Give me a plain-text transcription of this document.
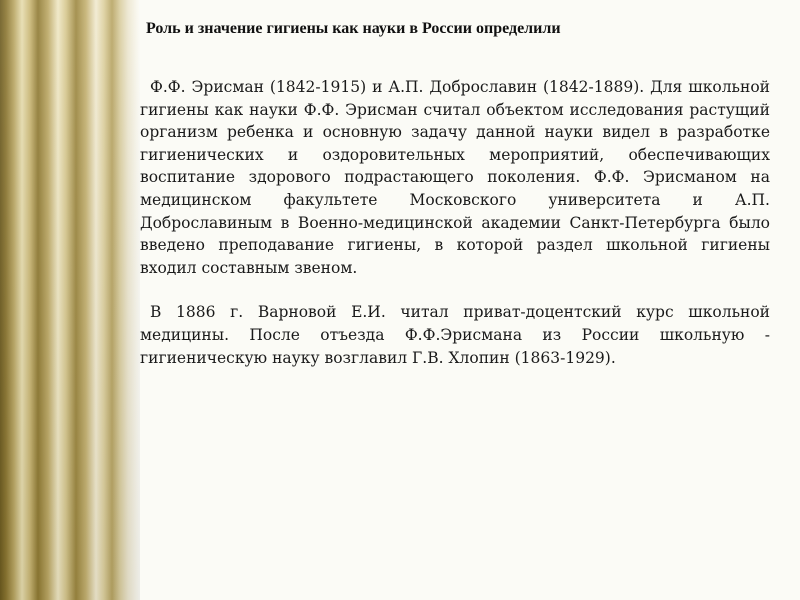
Роль и значение гигиены как науки в России определили

Ф.Ф. Эрисман (1842-1915) и А.П. Доброславин (1842-1889). Для школьной гигиены как науки Ф.Ф. Эрисман считал объектом исследования растущий организм ребенка и основную задачу данной науки видел в разработке гигиенических и оздоровительных мероприятий, обеспечивающих воспитание здорового подрастающего поколения. Ф.Ф. Эрисманом на медицинском факультете Московского университета и А.П. Доброславиным в Военно-медицинской академии Санкт-Петербурга было введено преподавание гигиены, в которой раздел школьной гигиены входил составным звеном.

В 1886 г. Варновой Е.И. читал приват-доцентский курс школьной медицины. После отъезда Ф.Ф.Эрисмана из России школьную - гигиеническую науку возглавил Г.В. Хлопин (1863-1929).
